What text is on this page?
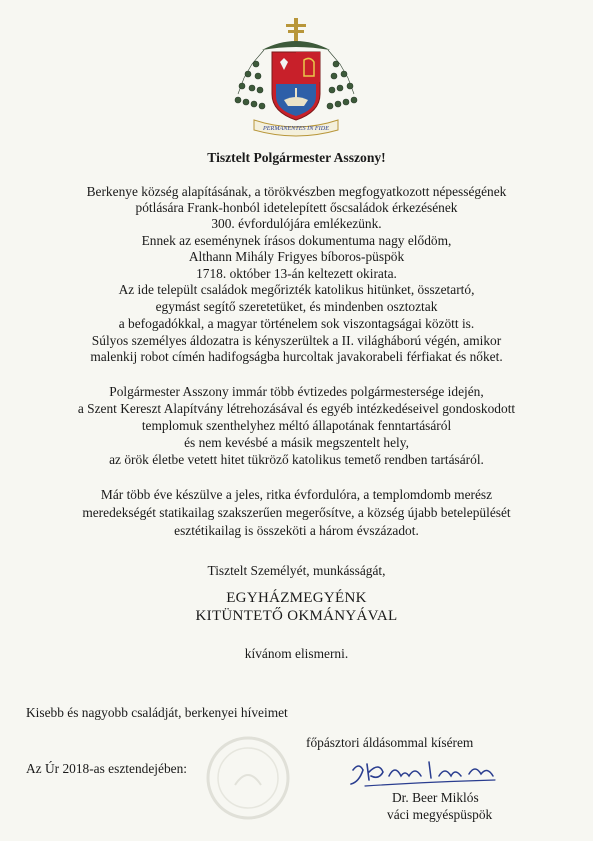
PERMANENTES IN FIDE
Tisztelt Polgármester Asszony!
Berkenye község alapításának, a törökvészben megfogyatkozott népességének
pótlására Frank-honból idetelepített őscsaládok érkezésének
300. évfordulójára emlékezünk.
Ennek az eseménynek írásos dokumentuma nagy elődöm,
Althann Mihály Frigyes bíboros-püspök
1718. október 13-án keltezett okirata.
Az ide települt családok megőrizték katolikus hitünket, összetartó,
egymást segítő szeretetüket, és mindenben osztoztak
a befogadókkal, a magyar történelem sok viszontagságai között is.
Súlyos személyes áldozatra is kényszerültek a II. világháború végén, amikor
malenkij robot címén hadifogságba hurcoltak javakorabeli férfiakat és nőket.
Polgármester Asszony immár több évtizedes polgármestersége idején,
a Szent Kereszt Alapítvány létrehozásával és egyéb intézkedéseivel gondoskodott
templomuk szenthelyhez méltó állapotának fenntartásáról
és nem kevésbé a másik megszentelt hely,
az örök életbe vetett hitet tükröző katolikus temető rendben tartásáról.
Már több éve készülve a jeles, ritka évfordulóra, a templomdomb merész
meredekségét statikailag szakszerűen megerősítve, a község újabb betelepülését
esztétikailag is összeköti a három évszázadot.
Tisztelt Személyét, munkásságát,
EGYHÁZMEGYÉNK
KITÜNTETŐ OKMÁNYÁVAL
kívánom elismerni.
Kisebb és nagyobb családját, berkenyei híveimet
főpásztori áldásommal kísérem
Az Úr 2018-as esztendejében:
Dr. Beer Miklós
váci megyéspüspök
